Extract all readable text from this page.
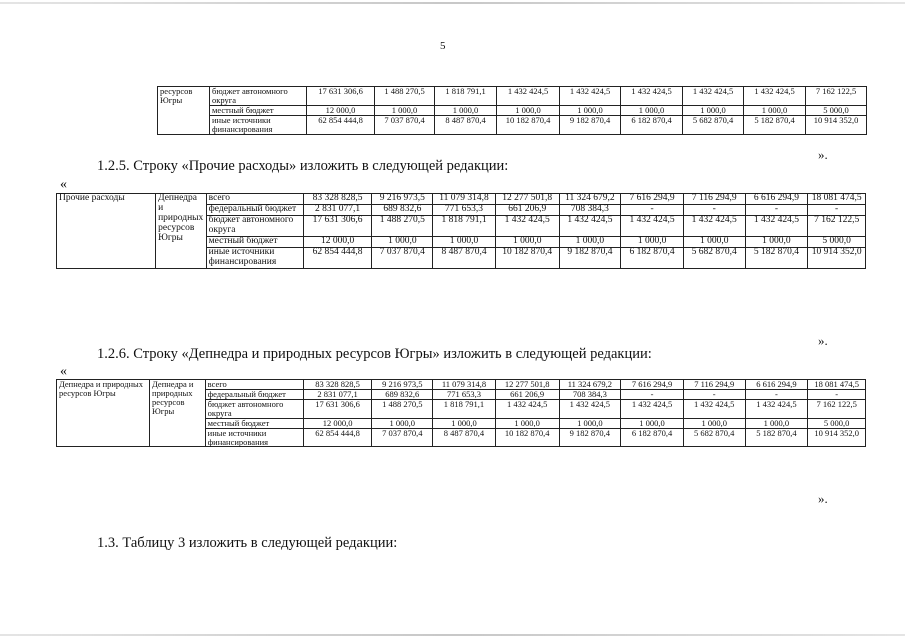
5
ресурсов Югры	бюджет автономного округа	17 631 306,6	1 488 270,5	1 818 791,1	1 432 424,5	1 432 424,5	1 432 424,5	1 432 424,5	1 432 424,5	7 162 122,5
	местный бюджет	12 000,0	1 000,0	1 000,0	1 000,0	1 000,0	1 000,0	1 000,0	1 000,0	5 000,0
	иные источники финансирования	62 854 444,8	7 037 870,4	8 487 870,4	10 182 870,4	9 182 870,4	6 182 870,4	5 682 870,4	5 182 870,4	10 914 352,0
».
1.2.5. Строку «Прочие расходы» изложить в следующей редакции:
«
Прочие расходы	Депнедра и природных ресурсов Югры	всего	83 328 828,5	9 216 973,5	11 079 314,8	12 277 501,8	11 324 679,2	7 616 294,9	7 116 294,9	6 616 294,9	18 081 474,5
		федеральный бюджет	2 831 077,1	689 832,6	771 653,3	661 206,9	708 384,3	-	-	-	-
		бюджет автономного округа	17 631 306,6	1 488 270,5	1 818 791,1	1 432 424,5	1 432 424,5	1 432 424,5	1 432 424,5	1 432 424,5	7 162 122,5
		местный бюджет	12 000,0	1 000,0	1 000,0	1 000,0	1 000,0	1 000,0	1 000,0	1 000,0	5 000,0
		иные источники финансирования	62 854 444,8	7 037 870,4	8 487 870,4	10 182 870,4	9 182 870,4	6 182 870,4	5 682 870,4	5 182 870,4	10 914 352,0
».
1.2.6. Строку «Депнедра и природных ресурсов Югры» изложить в следующей редакции:
«
Депнедра и природных ресурсов Югры	Депнедра и природных ресурсов Югры	всего	83 328 828,5	9 216 973,5	11 079 314,8	12 277 501,8	11 324 679,2	7 616 294,9	7 116 294,9	6 616 294,9	18 081 474,5
		федеральный бюджет	2 831 077,1	689 832,6	771 653,3	661 206,9	708 384,3	-	-	-	-
		бюджет автономного округа	17 631 306,6	1 488 270,5	1 818 791,1	1 432 424,5	1 432 424,5	1 432 424,5	1 432 424,5	1 432 424,5	7 162 122,5
		местный бюджет	12 000,0	1 000,0	1 000,0	1 000,0	1 000,0	1 000,0	1 000,0	1 000,0	5 000,0
		иные источники финансирования	62 854 444,8	7 037 870,4	8 487 870,4	10 182 870,4	9 182 870,4	6 182 870,4	5 682 870,4	5 182 870,4	10 914 352,0
».
1.3. Таблицу 3 изложить в следующей редакции:
